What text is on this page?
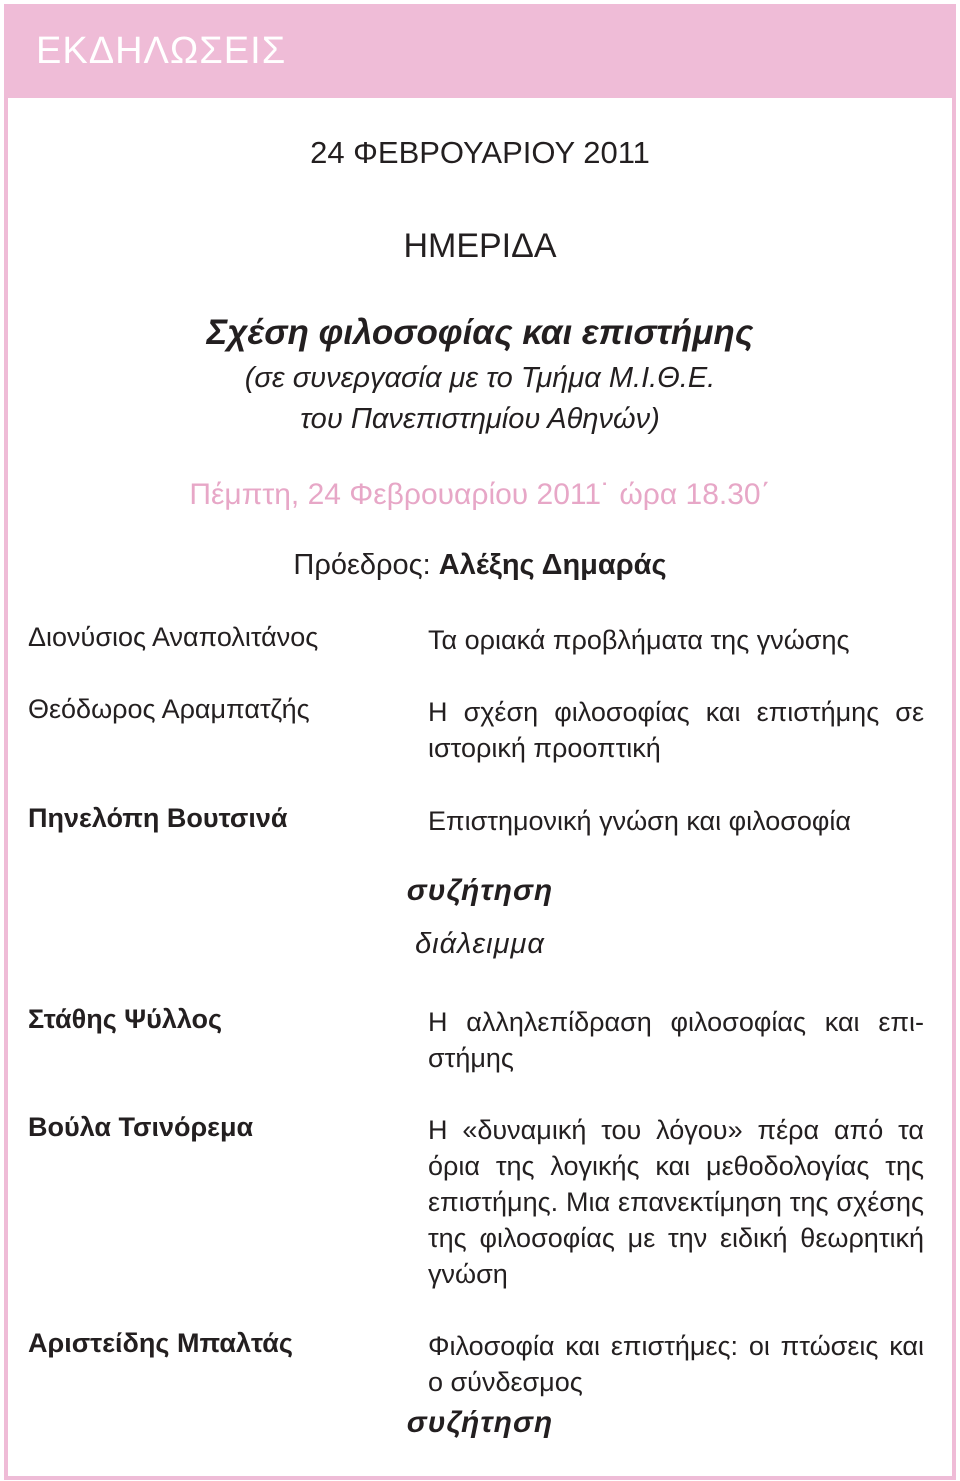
ΕΚΔΗΛΩΣΕΙΣ
24 ΦΕΒΡΟΥΑΡΙΟΥ 2011
ΗΜΕΡΙΔΑ
Σχέση φιλοσοφίας και επιστήμης
(σε συνεργασία με το Τμήμα Μ.Ι.Θ.Ε.
του Πανεπιστημίου Αθηνών)
Πέμπτη, 24 Φεβρουαρίου 2011˙ ώρα 18.30΄
Πρόεδρος: Αλέξης Δημαράς
Διονύσιος Αναπολιτάνος	Τα οριακά προβλήματα της γνώσης
Θεόδωρος Αραμπατζής	Η σχέση φιλοσοφίας και επιστήμης σε ιστορική προοπτική
Πηνελόπη Βουτσινά	Επιστημονική γνώση και φιλοσοφία
συζήτηση
διάλειμμα
Στάθης Ψύλλος	Η αλληλεπίδραση φιλοσοφίας και επι-στήμης
Βούλα Τσινόρεμα	Η «δυναμική του λόγου» πέρα από τα όρια της λογικής και μεθοδολογίας της επιστήμης. Μια επανεκτίμηση της σχέσης της φιλοσοφίας με την ειδική θεωρητική γνώση
Αριστείδης Μπαλτάς	Φιλοσοφία και επιστήμες: οι πτώσεις και ο σύνδεσμος
συζήτηση
